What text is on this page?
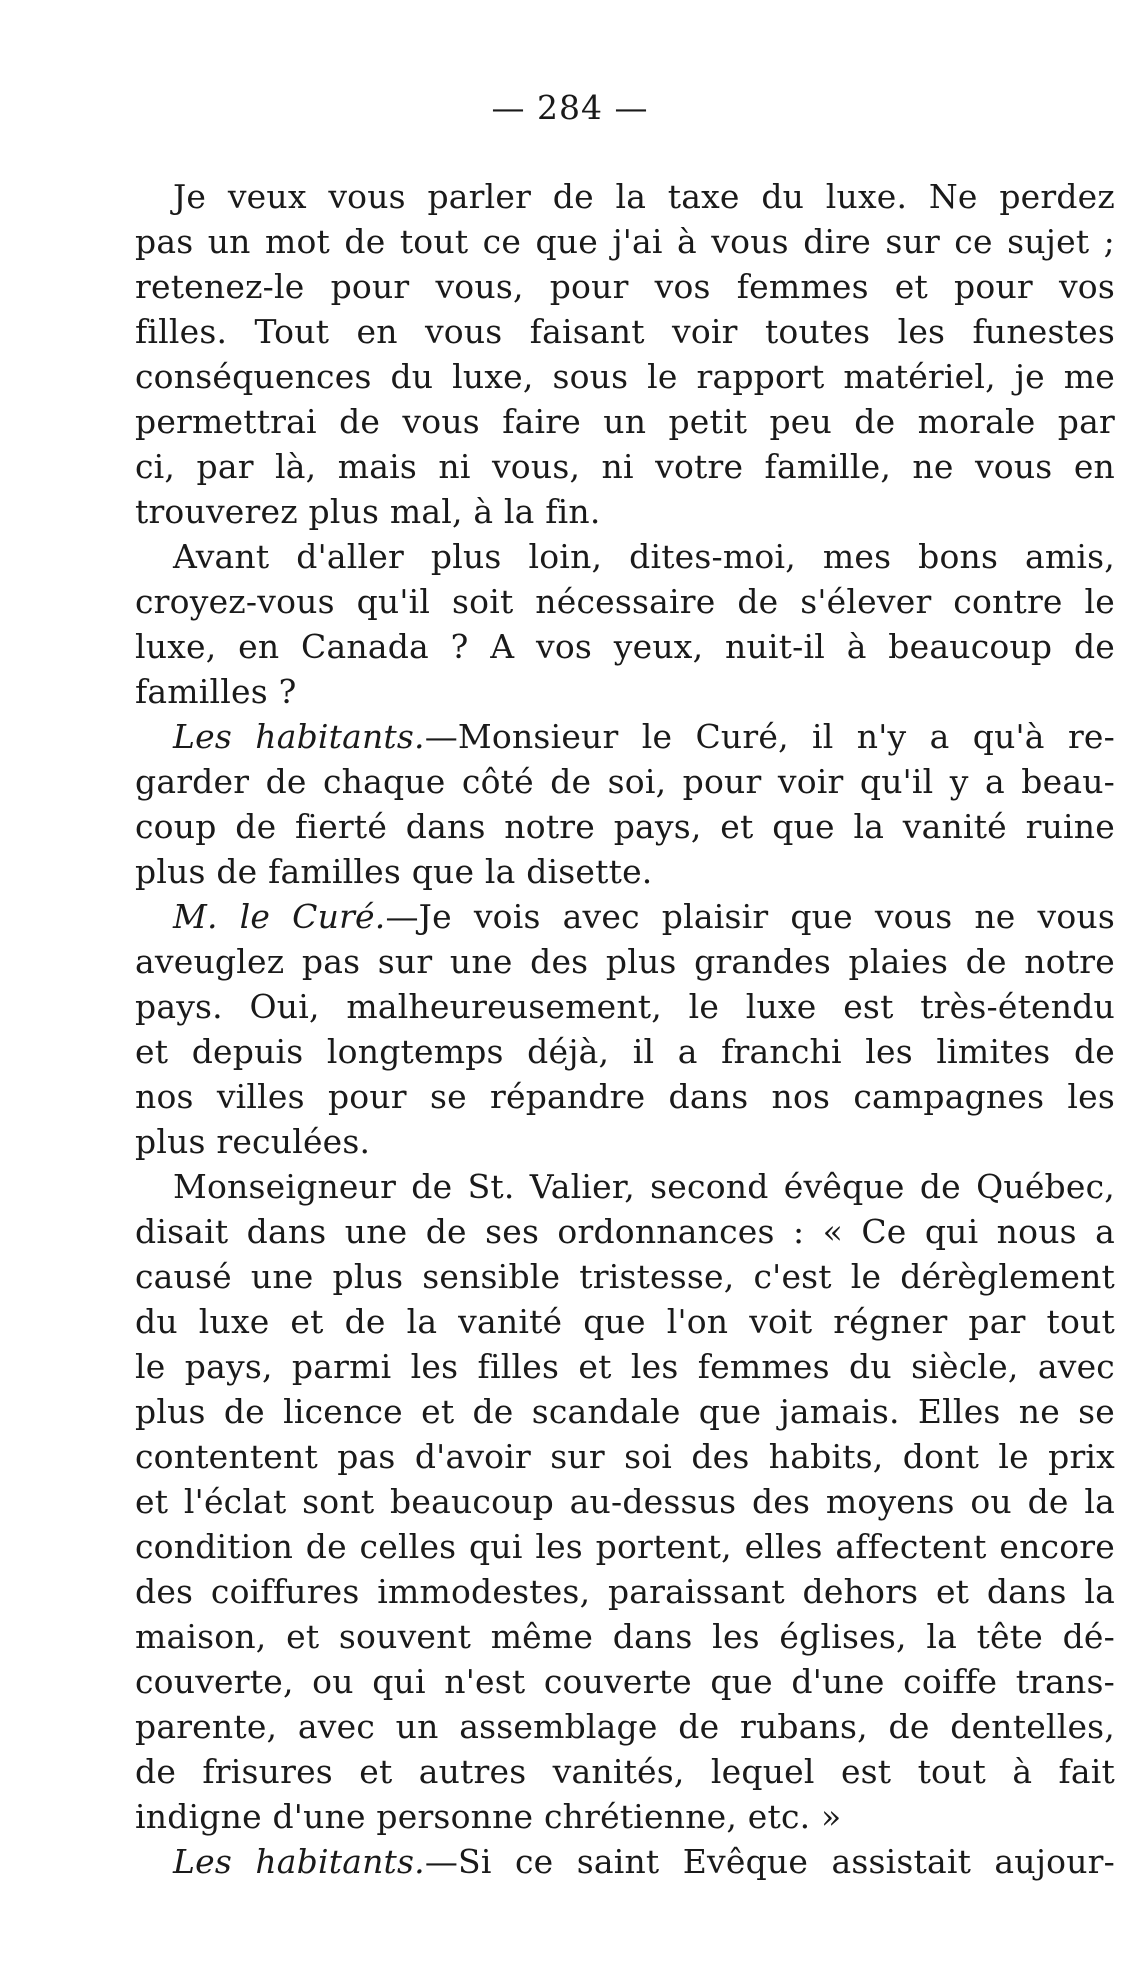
— 284 —
Je veux vous parler de la taxe du luxe. Ne perdez
pas un mot de tout ce que j'ai à vous dire sur ce sujet ;
retenez-le pour vous, pour vos femmes et pour vos
filles. Tout en vous faisant voir toutes les funestes
conséquences du luxe, sous le rapport matériel, je me
permettrai de vous faire un petit peu de morale par
ci, par là, mais ni vous, ni votre famille, ne vous en
trouverez plus mal, à la fin.
Avant d'aller plus loin, dites-moi, mes bons amis,
croyez-vous qu'il soit nécessaire de s'élever contre le
luxe, en Canada ? A vos yeux, nuit-il à beaucoup de
familles ?
Les habitants.—Monsieur le Curé, il n'y a qu'à re-
garder de chaque côté de soi, pour voir qu'il y a beau-
coup de fierté dans notre pays, et que la vanité ruine
plus de familles que la disette.
M. le Curé.—Je vois avec plaisir que vous ne vous
aveuglez pas sur une des plus grandes plaies de notre
pays. Oui, malheureusement, le luxe est très-étendu
et depuis longtemps déjà, il a franchi les limites de
nos villes pour se répandre dans nos campagnes les
plus reculées.
Monseigneur de St. Valier, second évêque de Québec,
disait dans une de ses ordonnances : « Ce qui nous a
causé une plus sensible tristesse, c'est le dérèglement
du luxe et de la vanité que l'on voit régner par tout
le pays, parmi les filles et les femmes du siècle, avec
plus de licence et de scandale que jamais. Elles ne se
contentent pas d'avoir sur soi des habits, dont le prix
et l'éclat sont beaucoup au-dessus des moyens ou de la
condition de celles qui les portent, elles affectent encore
des coiffures immodestes, paraissant dehors et dans la
maison, et souvent même dans les églises, la tête dé-
couverte, ou qui n'est couverte que d'une coiffe trans-
parente, avec un assemblage de rubans, de dentelles,
de frisures et autres vanités, lequel est tout à fait
indigne d'une personne chrétienne, etc. »
Les habitants.—Si ce saint Evêque assistait aujour-
